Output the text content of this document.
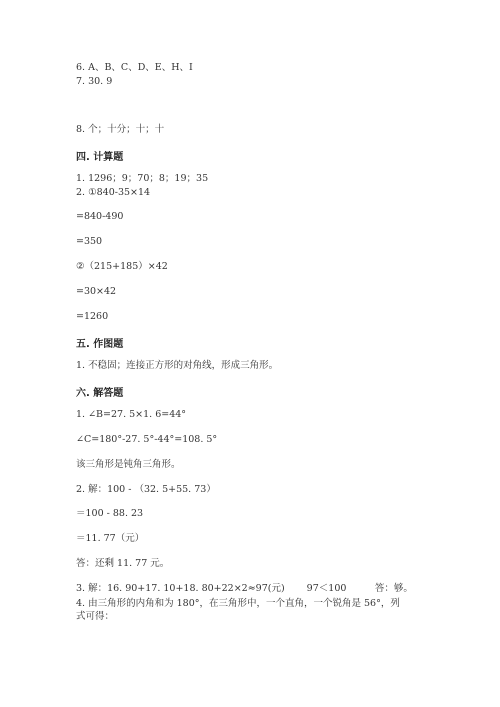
6. A、B、C、D、E、H、I
7. 30. 9
8. 个；十分；十；十
四. 计算题
1. 1296；9；70；8；19；35
2. ①840-35×14
=840-490
=350
②（215+185）×42
=30×42
=1260
五. 作图题
1. 不稳固；连接正方形的对角线，形成三角形。
六. 解答题
1. ∠B=27. 5×1. 6=44°
∠C=180°-27. 5°-44°=108. 5°
该三角形是钝角三角形。
2. 解：100 - （32. 5+55. 73）
＝100 - 88. 23
＝11. 77（元）
答：还剩 11. 77 元。
3. 解：16. 90+17. 10+18. 80+22×2≈97(元)　　 97＜100　　　答：够。
4. 由三角形的内角和为 180°，在三角形中，一个直角，一个锐角是 56°，列
式可得：
